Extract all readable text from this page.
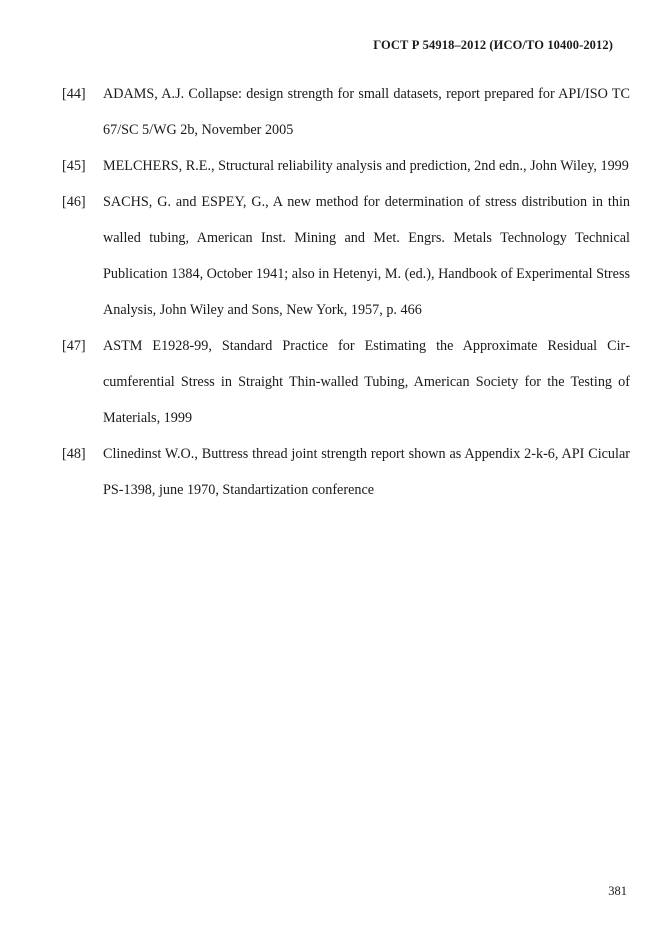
ГОСТ Р 54918–2012 (ИСО/ТО 10400-2012)
[44] ADAMS, A.J. Collapse: design strength for small datasets, report prepared for API/ISO TC 67/SC 5/WG 2b, November 2005
[45] MELCHERS, R.E., Structural reliability analysis and prediction, 2nd edn., John Wiley, 1999
[46] SACHS, G. and ESPEY, G., A new method for determination of stress distribution in thin walled tubing, American Inst. Mining and Met. Engrs. Metals Technology Technical Publication 1384, October 1941; also in Hetenyi, M. (ed.), Handbook of Experimental Stress Analysis, John Wiley and Sons, New York, 1957, p. 466
[47] ASTM E1928-99, Standard Practice for Estimating the Approximate Residual Circumferential Stress in Straight Thin-walled Tubing, American Society for the Testing of Materials, 1999
[48] Clinedinst W.O., Buttress thread joint strength report shown as Appendix 2-k-6, API Cicular PS-1398, june 1970, Standartization conference
381
